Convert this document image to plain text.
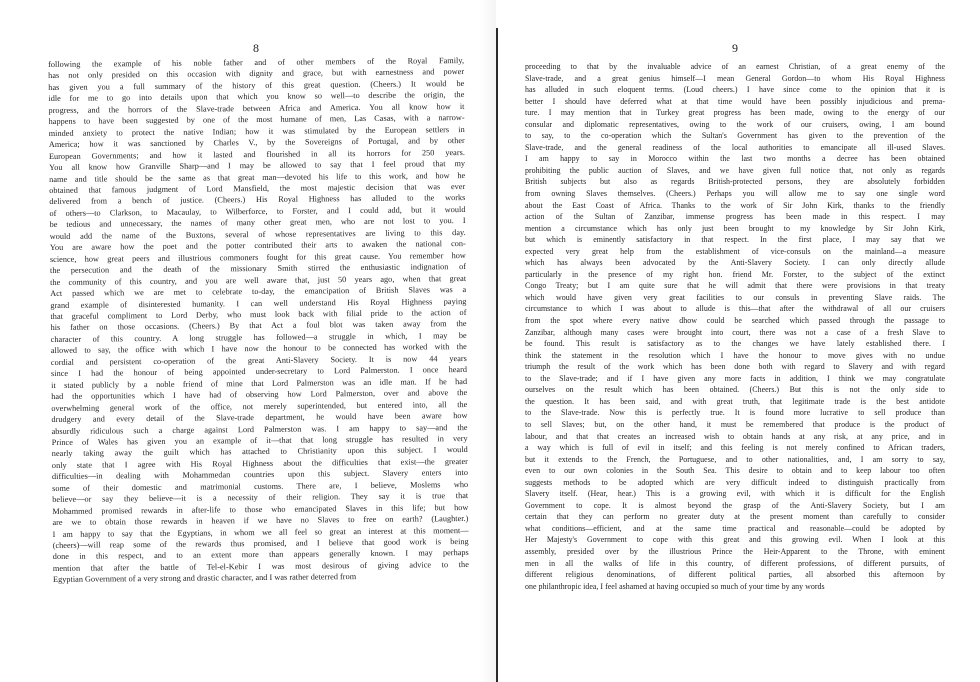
8
following the example of his noble father and of other members of the Royal Family,
has not only presided on this occasion with dignity and grace, but with earnestness and power
has given you a full summary of the history of this great question. (Cheers.) It would be
idle for me to go into details upon that which you know so well—to describe the origin, the
progress, and the horrors of the Slave-trade between Africa and America. You all know how it
happens to have been suggested by one of the most humane of men, Las Casas, with a narrow-
minded anxiety to protect the native Indian; how it was stimulated by the European settlers in
America; how it was sanctioned by Charles V., by the Sovereigns of Portugal, and by other
European Governments; and how it lasted and flourished in all its horrors for 250 years.
You all know how Granville Sharp—and I may be allowed to say that I feel proud that my
name and title should be the same as that great man—devoted his life to this work, and how he
obtained that famous judgment of Lord Mansfield, the most majestic decision that was ever
delivered from a bench of justice. (Cheers.) His Royal Highness has alluded to the works
of others—to Clarkson, to Macaulay, to Wilberforce, to Forster, and I could add, but it would
be tedious and unnecessary, the names of many other great men, who are not lost to you. I
would add the name of the Buxtons, several of whose representatives are living to this day.
You are aware how the poet and the potter contributed their arts to awaken the national con-
science, how great peers and illustrious commoners fought for this great cause. You remember how
the persecution and the death of the missionary Smith stirred the enthusiastic indignation of
the community of this country, and you are well aware that, just 50 years ago, when that great
Act passed which we are met to celebrate to-day, the emancipation of British Slaves was a
grand example of disinterested humanity. I can well understand His Royal Highness paying
that graceful compliment to Lord Derby, who must look back with filial pride to the action of
his father on those occasions. (Cheers.) By that Act a foul blot was taken away from the
character of this country. A long struggle has followed—a struggle in which, I may be
allowed to say, the office with which I have now the honour to be connected has worked with the
cordial and persistent co-operation of the great Anti-Slavery Society. It is now 44 years
since I had the honour of being appointed under-secretary to Lord Palmerston. I once heard
it stated publicly by a noble friend of mine that Lord Palmerston was an idle man. If he had
had the opportunities which I have had of observing how Lord Palmerston, over and above the
overwhelming general work of the office, not merely superintended, but entered into, all the
drudgery and every detail of the Slave-trade department, he would have been aware how
absurdly ridiculous such a charge against Lord Palmerston was. I am happy to say—and the
Prince of Wales has given you an example of it—that that long struggle has resulted in very
nearly taking away the guilt which has attached to Christianity upon this subject. I would
only state that I agree with His Royal Highness about the difficulties that exist—the greater
difficulties—in dealing with Mohammedan countries upon this subject. Slavery enters into
some of their domestic and matrimonial customs. There are, I believe, Moslems who
believe—or say they believe—it is a necessity of their religion. They say it is true that
Mohammed promised rewards in after-life to those who emancipated Slaves in this life; but how
are we to obtain those rewards in heaven if we have no Slaves to free on earth? (Laughter.)
I am happy to say that the Egyptians, in whom we all feel so great an interest at this moment—
(cheers)—will reap some of the rewards thus promised, and I believe that good work is being
done in this respect, and to an extent more than appears generally known. I may perhaps
mention that after the battle of Tel-el-Kebir I was most desirous of giving advice to the
Egyptian Government of a very strong and drastic character, and I was rather deterred from
9
proceeding to that by the invaluable advice of an earnest Christian, of a great enemy of the
Slave-trade, and a great genius himself—I mean General Gordon—to whom His Royal Highness
has alluded in such eloquent terms. (Loud cheers.) I have since come to the opinion that it is
better I should have deferred what at that time would have been possibly injudicious and prema-
ture. I may mention that in Turkey great progress has been made, owing to the energy of our
consular and diplomatic representatives, owing to the work of our cruisers, owing, I am bound
to say, to the co-operation which the Sultan's Government has given to the prevention of the
Slave-trade, and the general readiness of the local authorities to emancipate all ill-used Slaves.
I am happy to say in Morocco within the last two months a decree has been obtained
prohibiting the public auction of Slaves, and we have given full notice that, not only as regards
British subjects but also as regards British-protected persons, they are absolutely forbidden
from owning Slaves themselves. (Cheers.) Perhaps you will allow me to say one single word
about the East Coast of Africa. Thanks to the work of Sir John Kirk, thanks to the friendly
action of the Sultan of Zanzibar, immense progress has been made in this respect. I may
mention a circumstance which has only just been brought to my knowledge by Sir John Kirk,
but which is eminently satisfactory in that respect. In the first place, I may say that we
expected very great help from the establishment of vice-consuls on the mainland—a measure
which has always been advocated by the Anti-Slavery Society. I can only directly allude
particularly in the presence of my right hon. friend Mr. Forster, to the subject of the extinct
Congo Treaty; but I am quite sure that he will admit that there were provisions in that treaty
which would have given very great facilities to our consuls in preventing Slave raids. The
circumstance to which I was about to allude is this—that after the withdrawal of all our cruisers
from the spot where every native dhow could be searched which passed through the passage to
Zanzibar, although many cases were brought into court, there was not a case of a fresh Slave to
be found. This result is satisfactory as to the changes we have lately established there. I
think the statement in the resolution which I have the honour to move gives with no undue
triumph the result of the work which has been done both with regard to Slavery and with regard
to the Slave-trade; and if I have given any more facts in addition, I think we may congratulate
ourselves on the result which has been obtained. (Cheers.) But this is not the only side to
the question. It has been said, and with great truth, that legitimate trade is the best antidote
to the Slave-trade. Now this is perfectly true. It is found more lucrative to sell produce than
to sell Slaves; but, on the other hand, it must be remembered that produce is the product of
labour, and that that creates an increased wish to obtain hands at any risk, at any price, and in
a way which is full of evil in itself; and this feeling is not merely confined to African traders,
but it extends to the French, the Portuguese, and to other nationalities, and, I am sorry to say,
even to our own colonies in the South Sea. This desire to obtain and to keep labour too often
suggests methods to be adopted which are very difficult indeed to distinguish practically from
Slavery itself. (Hear, hear.) This is a growing evil, with which it is difficult for the English
Government to cope. It is almost beyond the grasp of the Anti-Slavery Society, but I am
certain that they can perform no greater duty at the present moment than carefully to consider
what conditions—efficient, and at the same time practical and reasonable—could be adopted by
Her Majesty's Government to cope with this great and this growing evil. When I look at this
assembly, presided over by the illustrious Prince the Heir-Apparent to the Throne, with eminent
men in all the walks of life in this country, of different professions, of different pursuits, of
different religious denominations, of different political parties, all absorbed this afternoon by
one philanthropic idea, I feel ashamed at having occupied so much of your time by any words
